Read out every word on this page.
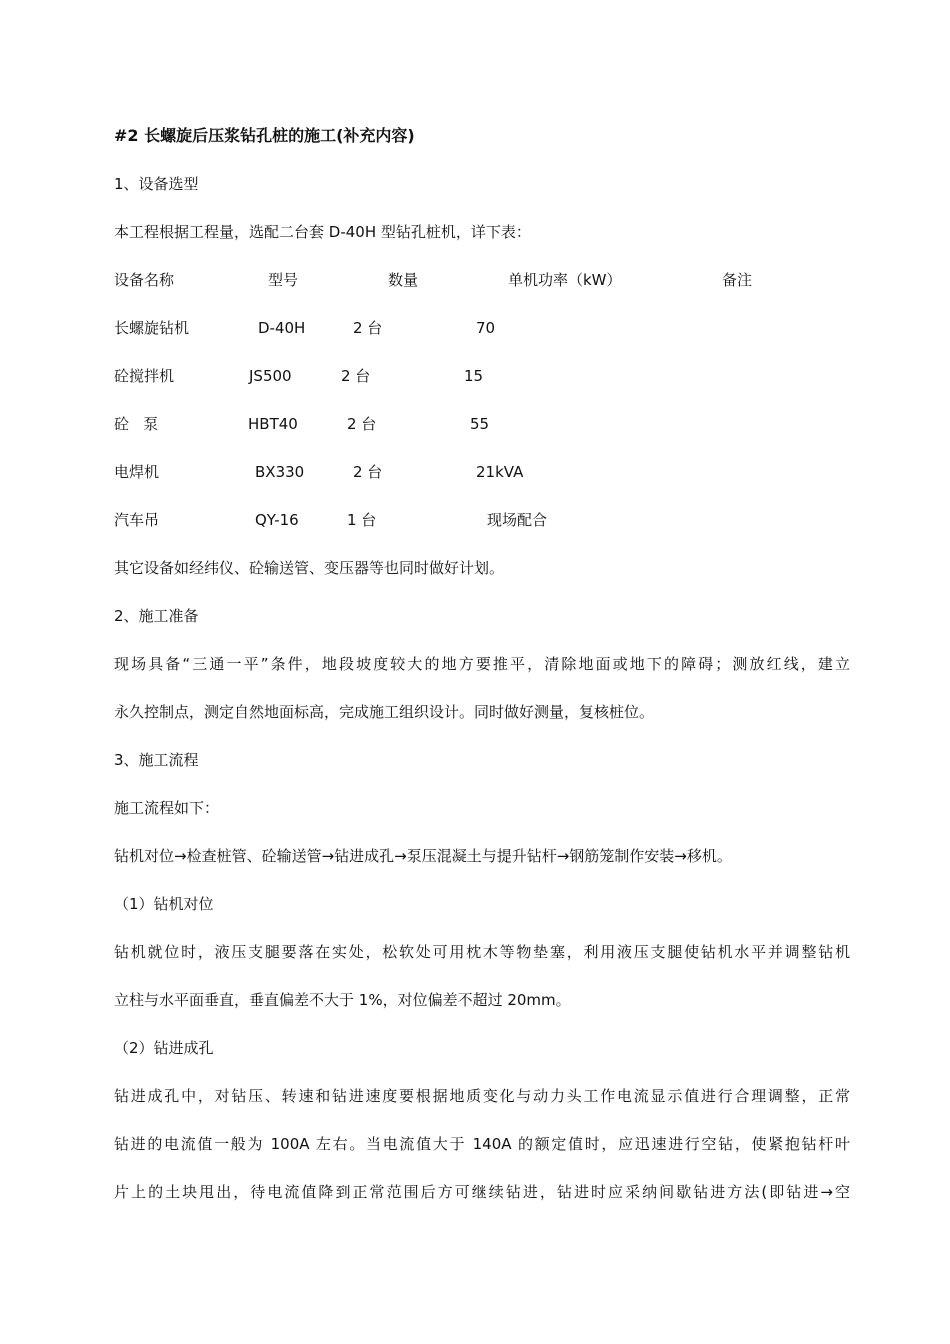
#2 长螺旋后压浆钻孔桩的施工(补充内容)
1、设备选型
本工程根据工程量，选配二台套 D-40H 型钻孔桩机，详下表：
设备名称	型号	数量	单机功率（kW）	备注
长螺旋钻机	D-40H	2 台	70
砼搅拌机	JS500	2 台	15
砼   泵	HBT40	2 台	55
电焊机	BX330	2 台	21kVA
汽车吊	QY-16	1 台	现场配合
其它设备如经纬仪、砼输送管、变压器等也同时做好计划。
2、施工准备
现场具备“三通一平”条件，地段坡度较大的地方要推平，清除地面或地下的障碍；测放红线，建立
永久控制点，测定自然地面标高，完成施工组织设计。同时做好测量，复核桩位。
3、施工流程
施工流程如下：
钻机对位→检查桩管、砼输送管→钻进成孔→泵压混凝土与提升钻杆→钢筋笼制作安装→移机。
（1）钻机对位
钻机就位时，液压支腿要落在实处，松软处可用枕木等物垫塞，利用液压支腿使钻机水平并调整钻机
立柱与水平面垂直，垂直偏差不大于 1%，对位偏差不超过 20mm。
（2）钻进成孔
钻进成孔中，对钻压、转速和钻进速度要根据地质变化与动力头工作电流显示值进行合理调整，正常
钻进的电流值一般为 100A 左右。当电流值大于 140A 的额定值时，应迅速进行空钻，使紧抱钻杆叶
片上的土块甩出，待电流值降到正常范围后方可继续钻进，钻进时应采纳间歇钻进方法(即钻进→空
